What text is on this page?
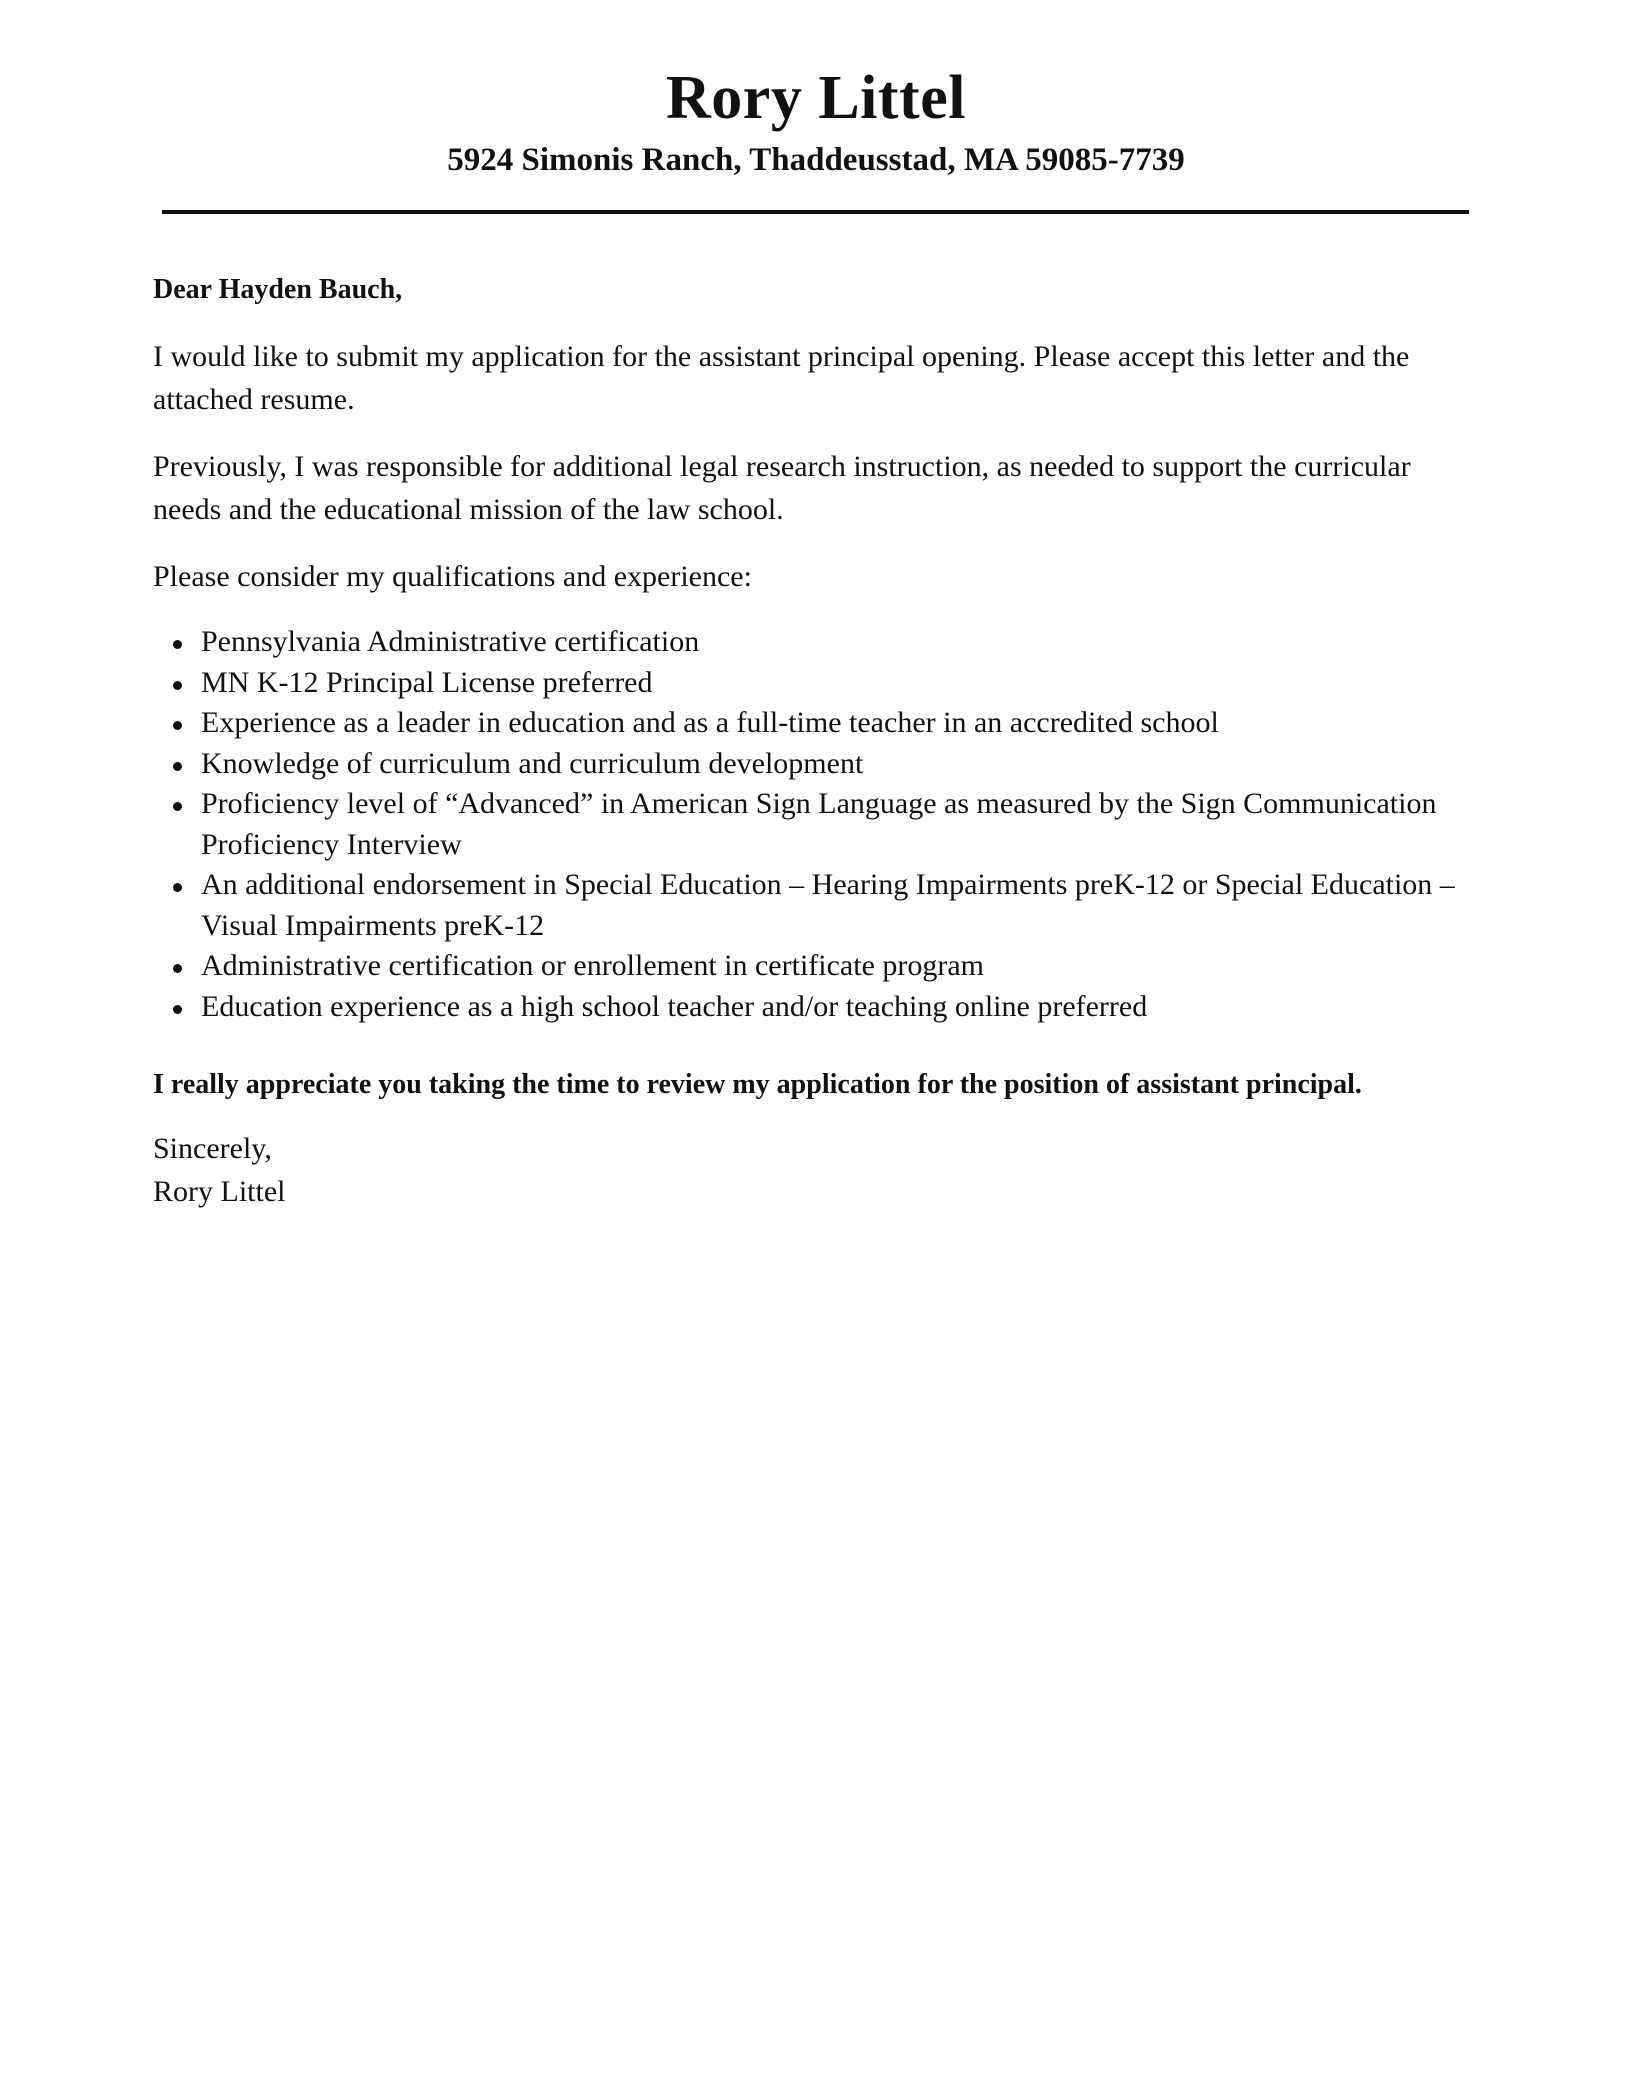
Rory Littel
5924 Simonis Ranch, Thaddeusstad, MA 59085-7739

Dear Hayden Bauch,

I would like to submit my application for the assistant principal opening. Please accept this letter and the attached resume.

Previously, I was responsible for additional legal research instruction, as needed to support the curricular needs and the educational mission of the law school.

Please consider my qualifications and experience:

Pennsylvania Administrative certification
MN K-12 Principal License preferred
Experience as a leader in education and as a full-time teacher in an accredited school
Knowledge of curriculum and curriculum development
Proficiency level of “Advanced” in American Sign Language as measured by the Sign Communication Proficiency Interview
An additional endorsement in Special Education – Hearing Impairments preK-12 or Special Education – Visual Impairments preK-12
Administrative certification or enrollement in certificate program
Education experience as a high school teacher and/or teaching online preferred

I really appreciate you taking the time to review my application for the position of assistant principal.

Sincerely,
Rory Littel
